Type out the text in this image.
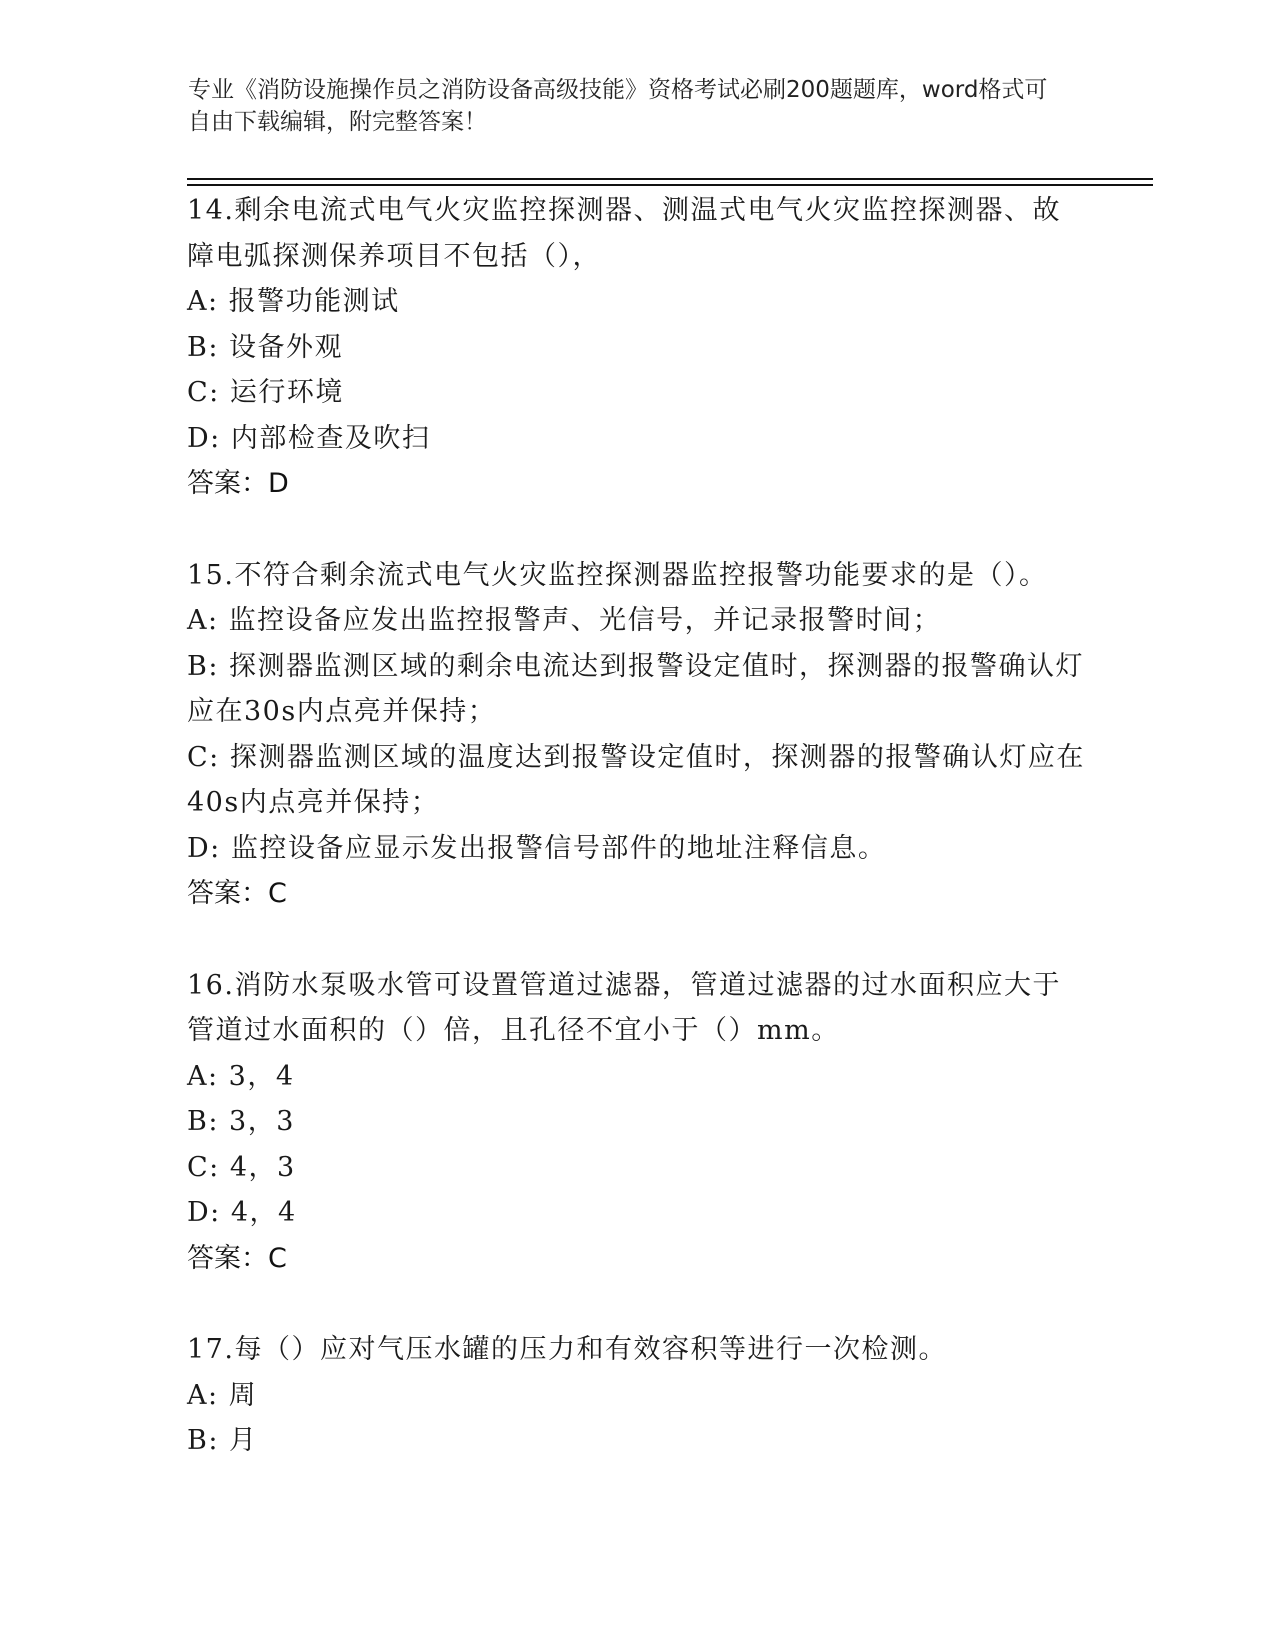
专业《消防设施操作员之消防设备高级技能》资格考试必刷200题题库，word格式可自由下载编辑，附完整答案！
14.剩余电流式电气火灾监控探测器、测温式电气火灾监控探测器、故障电弧探测保养项目不包括（），
A: 报警功能测试
B: 设备外观
C: 运行环境
D: 内部检查及吹扫
答案：D
15.不符合剩余流式电气火灾监控探测器监控报警功能要求的是（）。
A: 监控设备应发出监控报警声、光信号，并记录报警时间；
B: 探测器监测区域的剩余电流达到报警设定值时，探测器的报警确认灯应在30s内点亮并保持；
C: 探测器监测区域的温度达到报警设定值时，探测器的报警确认灯应在40s内点亮并保持；
D: 监控设备应显示发出报警信号部件的地址注释信息。
答案：C
16.消防水泵吸水管可设置管道过滤器，管道过滤器的过水面积应大于管道过水面积的（）倍，且孔径不宜小于（）mm。
A: 3，4
B: 3，3
C: 4，3
D: 4，4
答案：C
17.每（）应对气压水罐的压力和有效容积等进行一次检测。
A: 周
B: 月
